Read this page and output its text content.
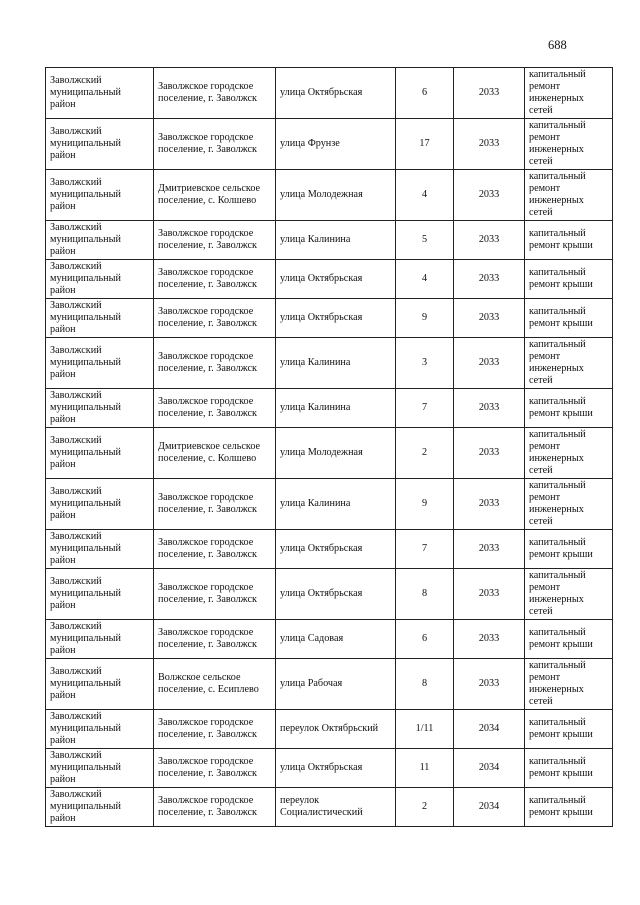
688
Заволжский муниципальный район	Заволжское городское поселение, г. Заволжск	улица Октябрьская	6	2033	капитальный ремонт инженерных сетей
Заволжский муниципальный район	Заволжское городское поселение, г. Заволжск	улица Фрунзе	17	2033	капитальный ремонт инженерных сетей
Заволжский муниципальный район	Дмитриевское сельское поселение, с. Колшево	улица Молодежная	4	2033	капитальный ремонт инженерных сетей
Заволжский муниципальный район	Заволжское городское поселение, г. Заволжск	улица Калинина	5	2033	капитальный ремонт крыши
Заволжский муниципальный район	Заволжское городское поселение, г. Заволжск	улица Октябрьская	4	2033	капитальный ремонт крыши
Заволжский муниципальный район	Заволжское городское поселение, г. Заволжск	улица Октябрьская	9	2033	капитальный ремонт крыши
Заволжский муниципальный район	Заволжское городское поселение, г. Заволжск	улица Калинина	3	2033	капитальный ремонт инженерных сетей
Заволжский муниципальный район	Заволжское городское поселение, г. Заволжск	улица Калинина	7	2033	капитальный ремонт крыши
Заволжский муниципальный район	Дмитриевское сельское поселение, с. Колшево	улица Молодежная	2	2033	капитальный ремонт инженерных сетей
Заволжский муниципальный район	Заволжское городское поселение, г. Заволжск	улица Калинина	9	2033	капитальный ремонт инженерных сетей
Заволжский муниципальный район	Заволжское городское поселение, г. Заволжск	улица Октябрьская	7	2033	капитальный ремонт крыши
Заволжский муниципальный район	Заволжское городское поселение, г. Заволжск	улица Октябрьская	8	2033	капитальный ремонт инженерных сетей
Заволжский муниципальный район	Заволжское городское поселение, г. Заволжск	улица Садовая	6	2033	капитальный ремонт крыши
Заволжский муниципальный район	Волжское сельское поселение, с. Есиплево	улица Рабочая	8	2033	капитальный ремонт инженерных сетей
Заволжский муниципальный район	Заволжское городское поселение, г. Заволжск	переулок Октябрьский	1/11	2034	капитальный ремонт крыши
Заволжский муниципальный район	Заволжское городское поселение, г. Заволжск	улица Октябрьская	11	2034	капитальный ремонт крыши
Заволжский муниципальный район	Заволжское городское поселение, г. Заволжск	переулок Социалистический	2	2034	капитальный ремонт крыши
